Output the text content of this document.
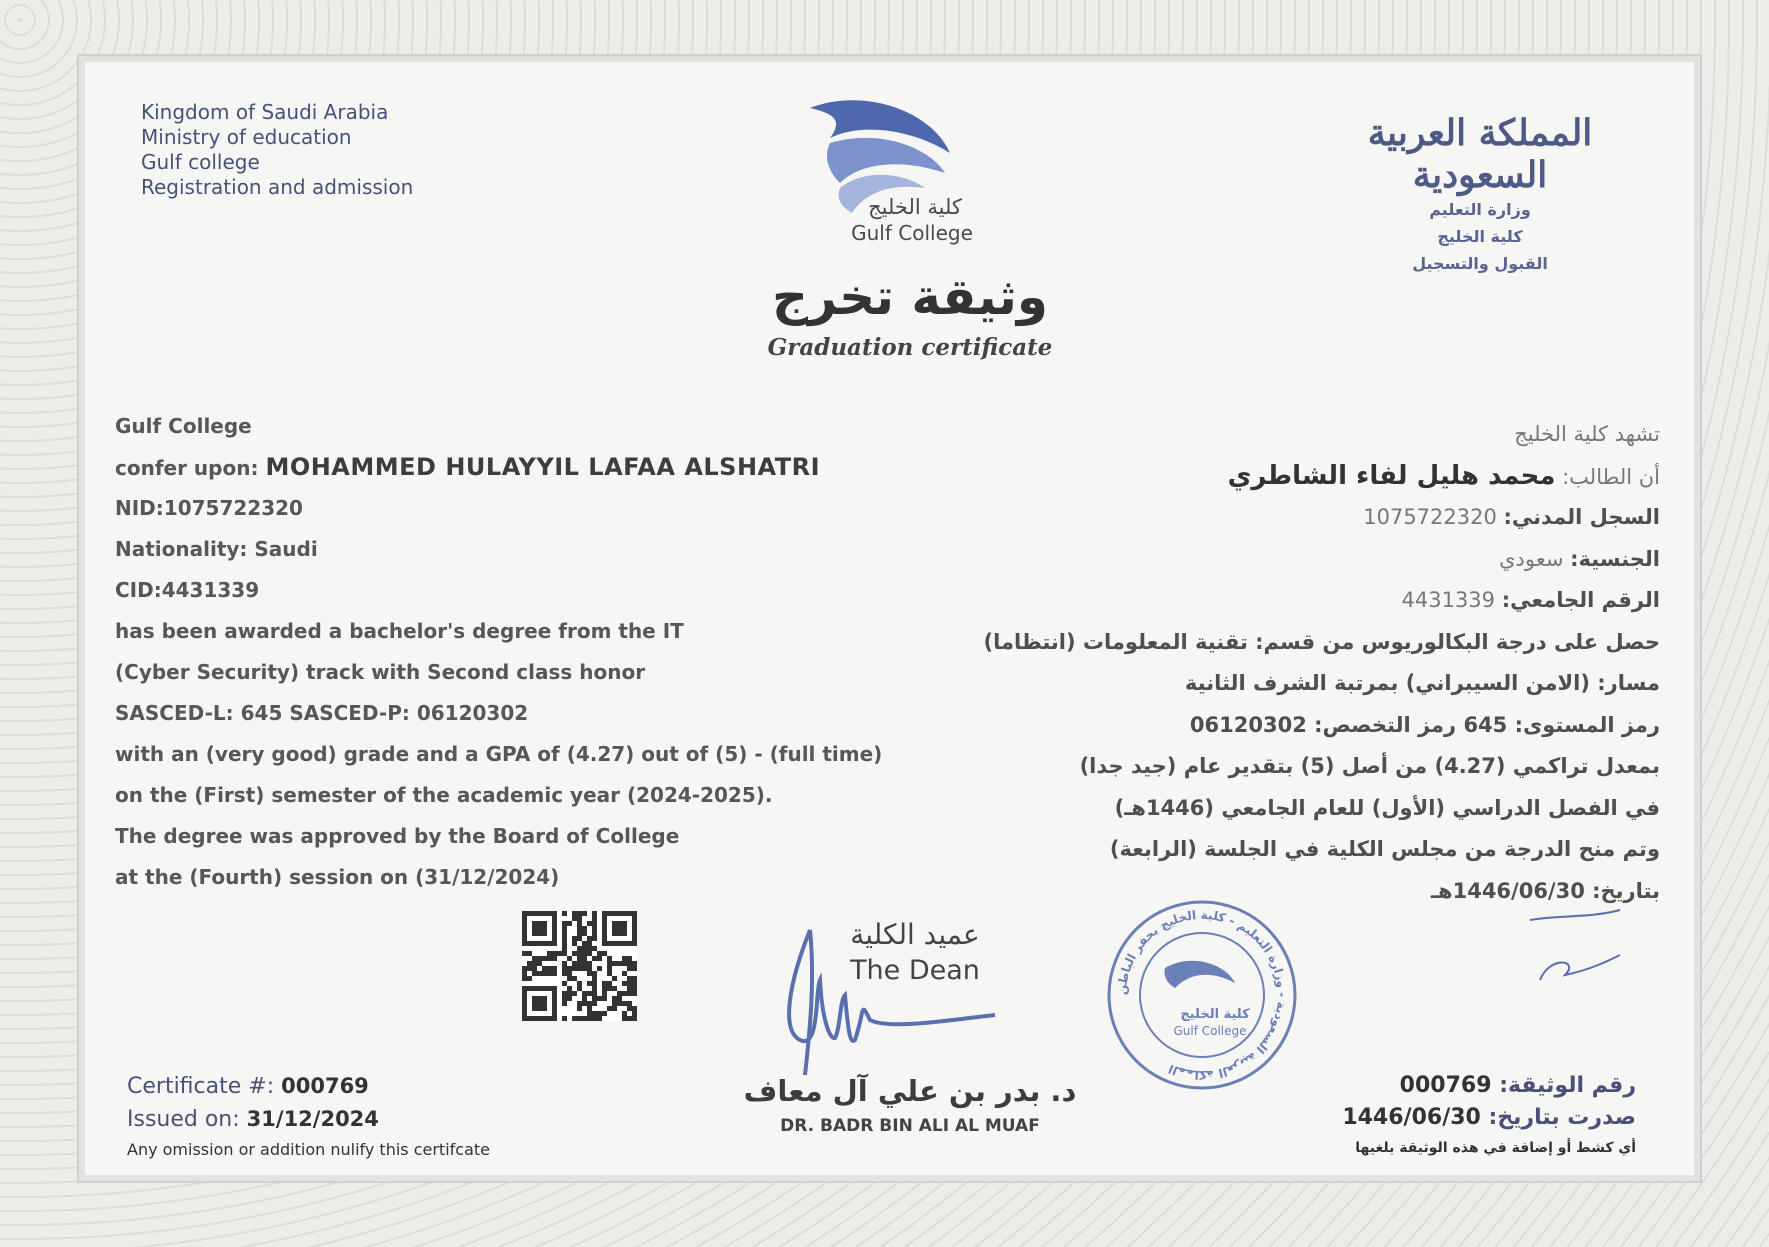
Kingdom of Saudi Arabia
Ministry of education
Gulf college
Registration and admission
المملكة العربية السعودية
وزارة التعليم
كلية الخليج
القبول والتسجيل
كلية الخليج
Gulf College
وثيقة تخرج
Graduation certificate
Gulf College
confer upon: MOHAMMED HULAYYIL LAFAA ALSHATRI
NID:1075722320
Nationality: Saudi
CID:4431339
has been awarded a bachelor's degree from the IT
(Cyber Security) track with Second class honor
SASCED-L: 645 SASCED-P: 06120302
with an (very good) grade and a GPA of (4.27) out of (5) - (full time)
on the (First) semester of the academic year (2024-2025).
The degree was approved by the Board of College
at the (Fourth) session on (31/12/2024)
تشهد كلية الخليج
أن الطالب: محمد هليل لفاء الشاطري
السجل المدني: 1075722320
الجنسية: سعودي
الرقم الجامعي: 4431339
حصل على درجة البكالوريوس من قسم: تقنية المعلومات (انتظاما)
مسار: (الامن السيبراني) بمرتبة الشرف الثانية
رمز المستوى: 645 رمز التخصص: 06120302
بمعدل تراكمي (4.27) من أصل (5) بتقدير عام (جيد جدا)
في الفصل الدراسي (الأول) للعام الجامعي (1446هـ)
وتم منح الدرجة من مجلس الكلية في الجلسة (الرابعة)
بتاريخ: 1446/06/30هـ
عميد الكلية
The Dean
د. بدر بن علي آل معاف
DR. BADR BIN ALI AL MUAF
المملكة العربية السعودية - وزارة التعليم - كلية الخليج بحفر الباطن
كلية الخليج
Gulf College
Certificate #: 000769
Issued on: 31/12/2024
Any omission or addition nulify this certifcate
رقم الوثيقة: 000769
صدرت بتاريخ: 1446/06/30
أي كشط أو إضافة في هذه الوثيقة يلغيها
